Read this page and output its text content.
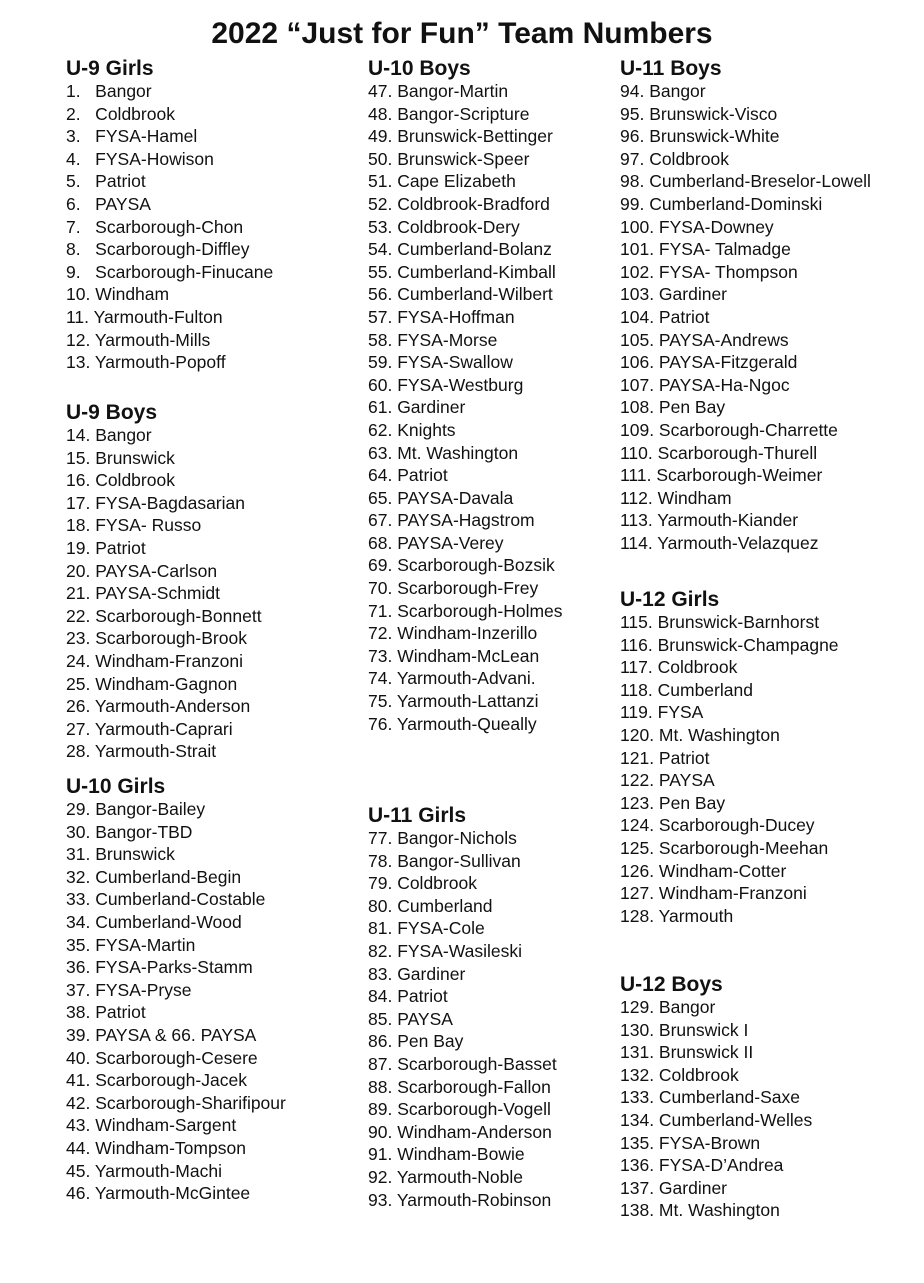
2022 “Just for Fun” Team Numbers
U-9 Girls
1.   Bangor
2.   Coldbrook
3.   FYSA-Hamel
4.   FYSA-Howison
5.   Patriot
6.   PAYSA
7.   Scarborough-Chon
8.   Scarborough-Diffley
9.   Scarborough-Finucane
10. Windham
11. Yarmouth-Fulton
12. Yarmouth-Mills
13. Yarmouth-Popoff
U-9 Boys
14. Bangor
15. Brunswick
16. Coldbrook
17. FYSA-Bagdasarian
18. FYSA- Russo
19. Patriot
20. PAYSA-Carlson
21. PAYSA-Schmidt
22. Scarborough-Bonnett
23. Scarborough-Brook
24. Windham-Franzoni
25. Windham-Gagnon
26. Yarmouth-Anderson
27. Yarmouth-Caprari
28. Yarmouth-Strait
U-10 Girls
29. Bangor-Bailey
30. Bangor-TBD
31. Brunswick
32. Cumberland-Begin
33. Cumberland-Costable
34. Cumberland-Wood
35. FYSA-Martin
36. FYSA-Parks-Stamm
37. FYSA-Pryse
38. Patriot
39. PAYSA & 66. PAYSA
40. Scarborough-Cesere
41. Scarborough-Jacek
42. Scarborough-Sharifipour
43. Windham-Sargent
44. Windham-Tompson
45. Yarmouth-Machi
46. Yarmouth-McGintee
U-10 Boys
47. Bangor-Martin
48. Bangor-Scripture
49. Brunswick-Bettinger
50. Brunswick-Speer
51. Cape Elizabeth
52. Coldbrook-Bradford
53. Coldbrook-Dery
54. Cumberland-Bolanz
55. Cumberland-Kimball
56. Cumberland-Wilbert
57. FYSA-Hoffman
58. FYSA-Morse
59. FYSA-Swallow
60. FYSA-Westburg
61. Gardiner
62. Knights
63. Mt. Washington
64. Patriot
65. PAYSA-Davala
67. PAYSA-Hagstrom
68. PAYSA-Verey
69. Scarborough-Bozsik
70. Scarborough-Frey
71. Scarborough-Holmes
72. Windham-Inzerillo
73. Windham-McLean
74. Yarmouth-Advani.
75. Yarmouth-Lattanzi
76. Yarmouth-Queally
U-11 Girls
77. Bangor-Nichols
78. Bangor-Sullivan
79. Coldbrook
80. Cumberland
81. FYSA-Cole
82. FYSA-Wasileski
83. Gardiner
84. Patriot
85. PAYSA
86. Pen Bay
87. Scarborough-Basset
88. Scarborough-Fallon
89. Scarborough-Vogell
90. Windham-Anderson
91. Windham-Bowie
92. Yarmouth-Noble
93. Yarmouth-Robinson
U-11 Boys
94. Bangor
95. Brunswick-Visco
96. Brunswick-White
97. Coldbrook
98. Cumberland-Breselor-Lowell
99. Cumberland-Dominski
100. FYSA-Downey
101. FYSA- Talmadge
102. FYSA- Thompson
103. Gardiner
104. Patriot
105. PAYSA-Andrews
106. PAYSA-Fitzgerald
107. PAYSA-Ha-Ngoc
108. Pen Bay
109. Scarborough-Charrette
110. Scarborough-Thurell
111. Scarborough-Weimer
112. Windham
113. Yarmouth-Kiander
114. Yarmouth-Velazquez
U-12 Girls
115. Brunswick-Barnhorst
116. Brunswick-Champagne
117. Coldbrook
118. Cumberland
119. FYSA
120. Mt. Washington
121. Patriot
122. PAYSA
123. Pen Bay
124. Scarborough-Ducey
125. Scarborough-Meehan
126. Windham-Cotter
127. Windham-Franzoni
128. Yarmouth
U-12 Boys
129. Bangor
130. Brunswick I
131. Brunswick II
132. Coldbrook
133. Cumberland-Saxe
134. Cumberland-Welles
135. FYSA-Brown
136. FYSA-D’Andrea
137. Gardiner
138. Mt. Washington
